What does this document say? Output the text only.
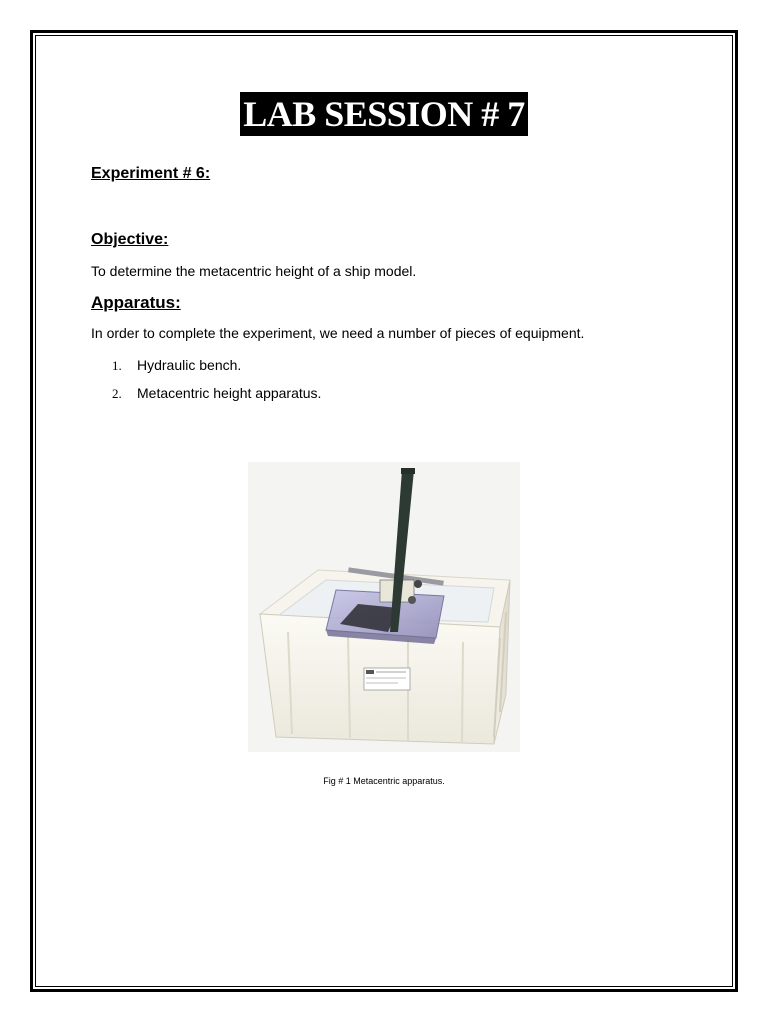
LAB SESSION # 7

Experiment # 6:

Objective:

To determine the metacentric height of a ship model.

Apparatus:

In order to complete the experiment, we need a number of pieces of equipment.

1. Hydraulic bench.
2. Metacentric height apparatus.
Fig # 1 Metacentric apparatus.
